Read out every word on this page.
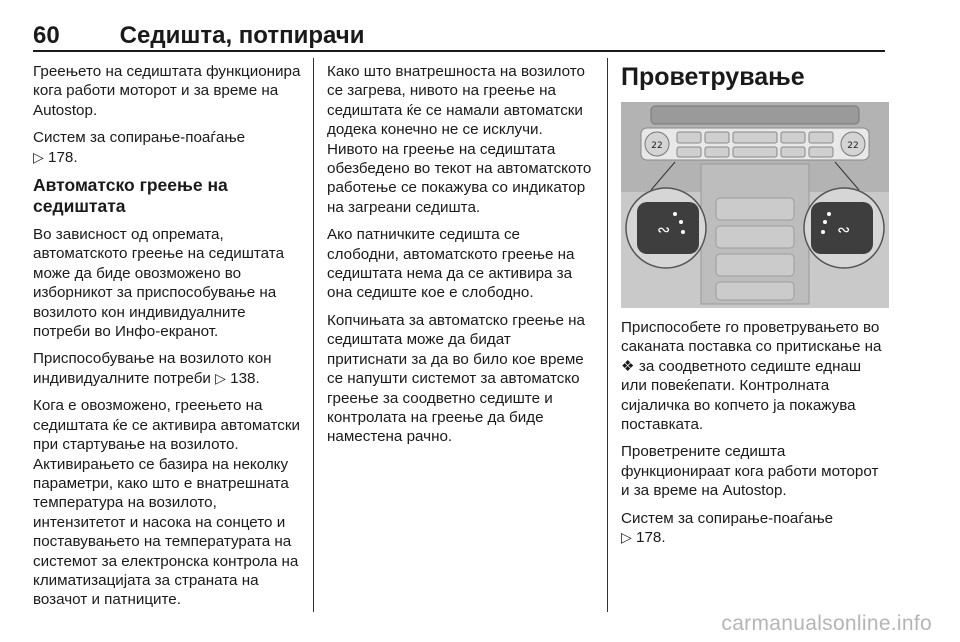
60 Седишта, потпирачи

Греењето на седиштата функционира кога работи моторот и за време на Autostop.

Систем за сопирање-поаѓање
▷ 178.

Автоматско греење на седиштата

Во зависност од опремата, автоматското греење на седиштата може да биде овозможено во изборникот за приспособување на возилото кон индивидуалните потреби во Инфо-екранот.

Приспособување на возилото кон индивидуалните потреби ▷ 138.

Кога е овозможено, греењето на седиштата ќе се активира автоматски при стартување на возилото. Активирањето се базира на неколку параметри, како што е внатрешната температура на возилото, интензитетот и насока на сонцето и поставувањето на температурата на системот за електронска контрола на климатизацијата за страната на возачот и патниците.

Како што внатрешноста на возилото се загрева, нивото на греење на седиштата ќе се намали автоматски додека конечно не се исклучи. Нивото на греење на седиштата обезбедено во текот на автоматското работење се покажува со индикатор на загреани седишта.

Ако патничките седишта се слободни, автоматското греење на седиштата нема да се активира за она седиште кое е слободно.

Копчињата за автоматско греење на седиштата може да бидат притиснати за да во било кое време се напушти системот за автоматско греење за соодветно седиште и контролата на греење да биде наместена рачно.

Проветрување
22	22
∾	∾

Приспособете го проветрувањето во саканата поставка со притискање на ❖ за соодветното седиште еднаш или повеќепати. Контролната сијаличка во копчето ја покажува поставката.

Проветрените седишта функционираат кога работи моторот и за време на Autostop.

Систем за сопирање-поаѓање
▷ 178.

carmanualsonline.info
